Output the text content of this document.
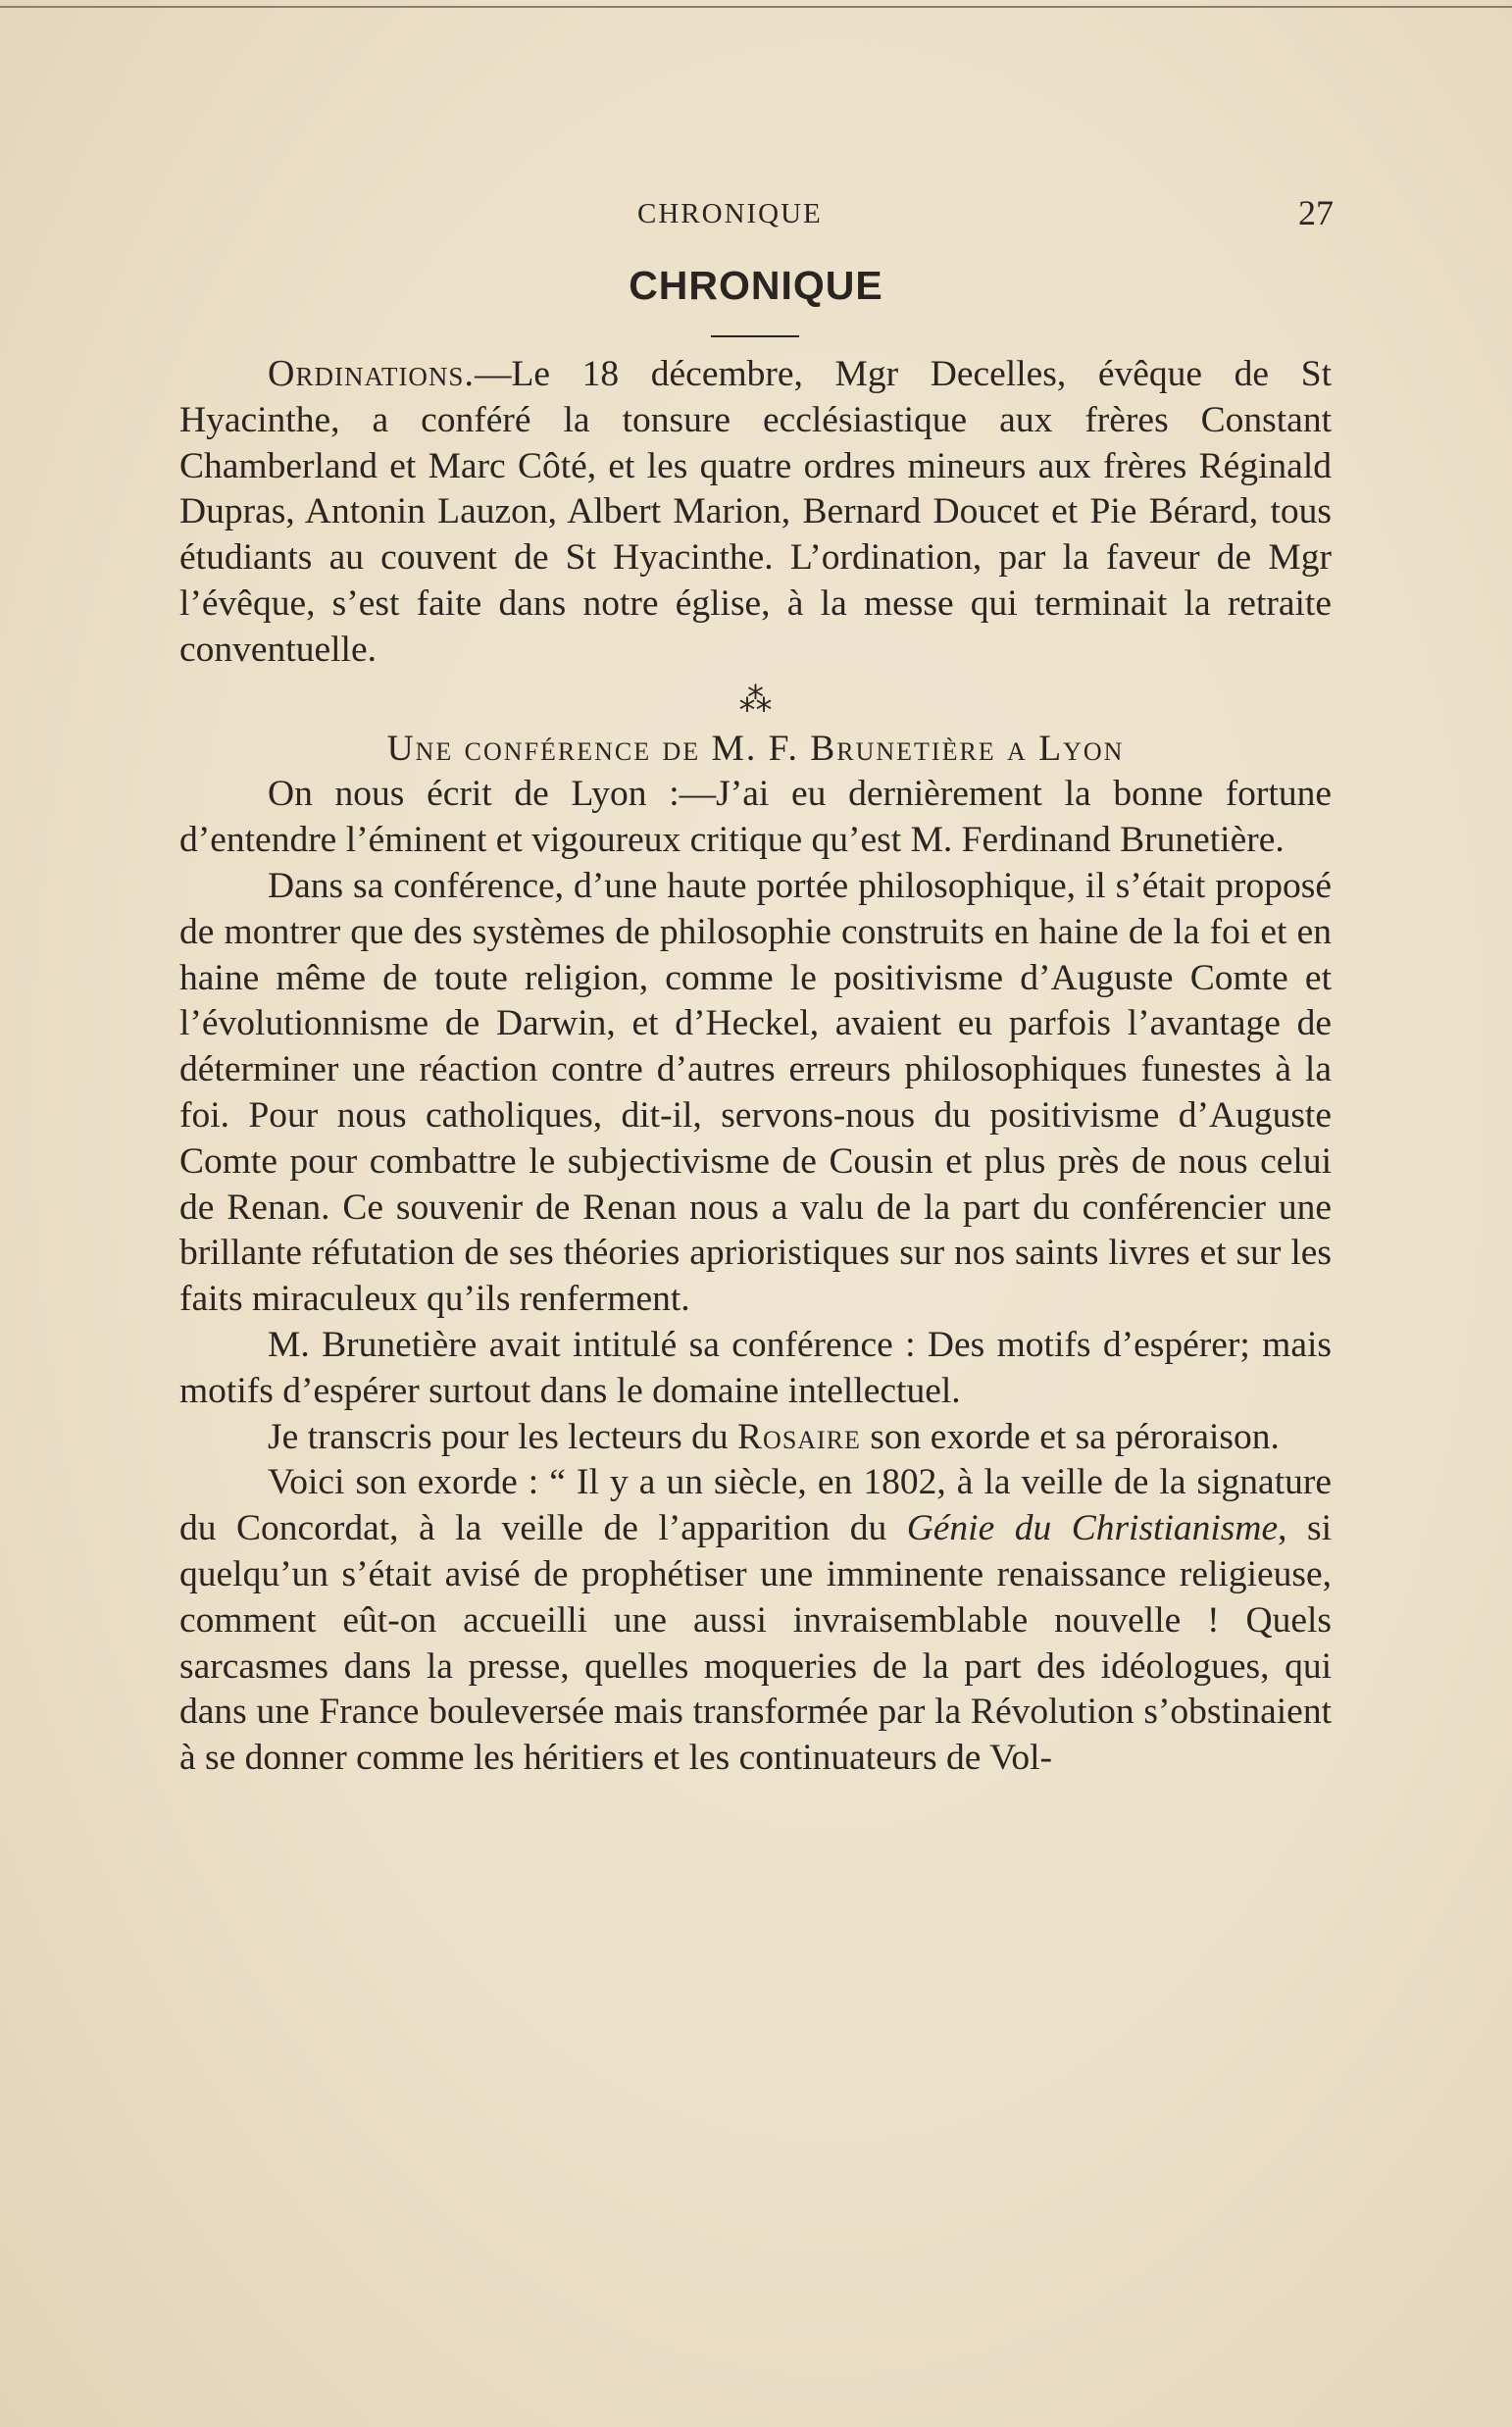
CHRONIQUE	27
CHRONIQUE

Ordinations.—Le 18 décembre, Mgr Decelles, évêque de St Hyacinthe, a conféré la tonsure ecclésiastique aux frères Constant Chamberland et Marc Côté, et les quatre ordres mineurs aux frères Réginald Dupras, Antonin Lauzon, Albert Marion, Bernard Doucet et Pie Bérard, tous étudiants au couvent de St Hyacinthe. L’ordination, par la faveur de Mgr l’évêque, s’est faite dans notre église, à la messe qui terminait la retraite conventuelle.

⁂

Une conférence de M. F. Brunetière a Lyon

On nous écrit de Lyon :—J’ai eu dernièrement la bonne fortune d’entendre l’éminent et vigoureux critique qu’est M. Ferdinand Brunetière.

Dans sa conférence, d’une haute portée philosophique, il s’était proposé de montrer que des systèmes de philosophie construits en haine de la foi et en haine même de toute religion, comme le positivisme d’Auguste Comte et l’évolutionnisme de Darwin, et d’Heckel, avaient eu parfois l’avantage de déterminer une réaction contre d’autres erreurs philosophiques funestes à la foi. Pour nous catholiques, dit-il, servons-nous du positivisme d’Auguste Comte pour combattre le subjectivisme de Cousin et plus près de nous celui de Renan. Ce souvenir de Renan nous a valu de la part du conférencier une brillante réfutation de ses théories aprioristiques sur nos saints livres et sur les faits miraculeux qu’ils renferment.

M. Brunetière avait intitulé sa conférence : Des motifs d’espérer; mais motifs d’espérer surtout dans le domaine intellectuel.

Je transcris pour les lecteurs du Rosaire son exorde et sa péroraison.

Voici son exorde : “ Il y a un siècle, en 1802, à la veille de la signature du Concordat, à la veille de l’apparition du Génie du Christianisme, si quelqu’un s’était avisé de prophétiser une imminente renaissance religieuse, comment eût-on accueilli une aussi invraisemblable nouvelle ! Quels sarcasmes dans la presse, quelles moqueries de la part des idéologues, qui dans une France bouleversée mais transformée par la Révolution s’obstinaient à se donner comme les héritiers et les continuateurs de Vol-
